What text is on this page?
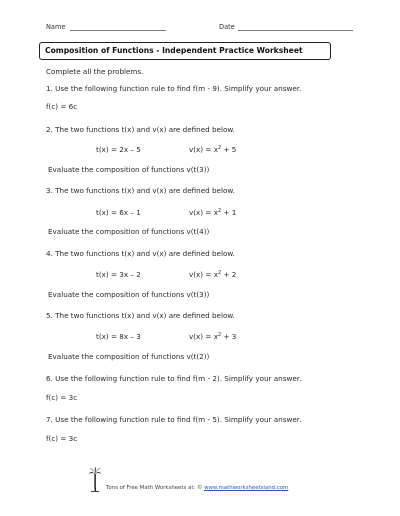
Name	Date
Composition of Functions - Independent Practice Worksheet
Complete all the problems.
1. Use the following function rule to find f(m - 9). Simplify your answer.
f(c) = 6c
2. The two functions t(x) and v(x) are defined below.
t(x) = 2x – 5	$v(x) = x^2 + 5$
Evaluate the composition of functions v(t(3))
3. The two functions t(x) and v(x) are defined below.
t(x) = 6x – 1	$v(x) = x^2 + 1$
Evaluate the composition of functions v(t(4))
4. The two functions t(x) and v(x) are defined below.
t(x) = 3x – 2	$v(x) = x^2 + 2$
Evaluate the composition of functions v(t(3))
5. The two functions t(x) and v(x) are defined below.
t(x) = 8x – 3	$v(x) = x^2 + 3$
Evaluate the composition of functions v(t(2))
6. Use the following function rule to find f(m - 2). Simplify your answer.
f(c) = 3c
7. Use the following function rule to find f(m - 5). Simplify your answer.
f(c) = 3c
Tons of Free Math Worksheets at: © www.mathworksheetsland.com
